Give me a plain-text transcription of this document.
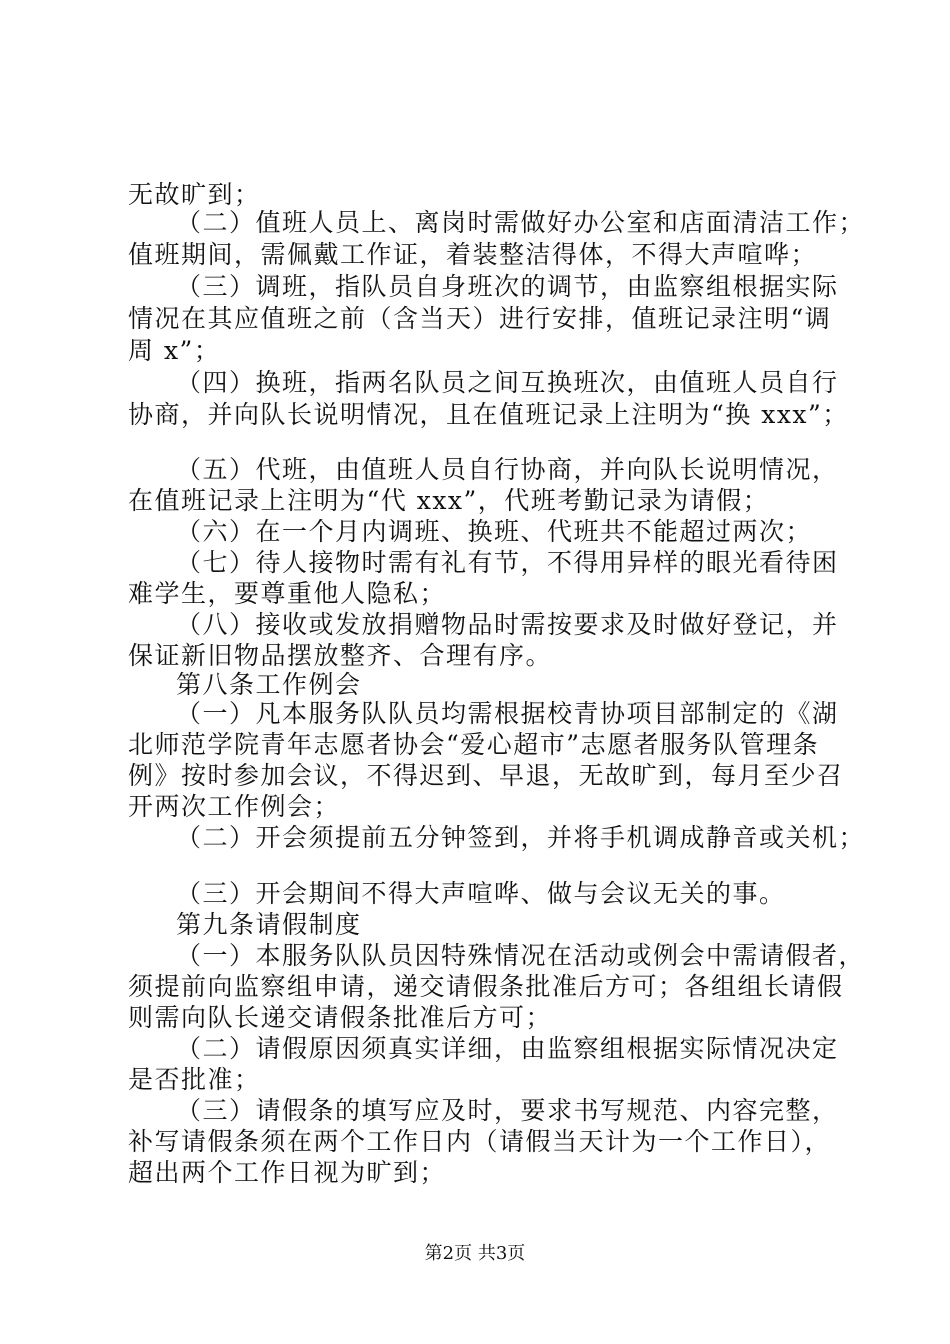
无故旷到；
（二）值班人员上、离岗时需做好办公室和店面清洁工作；
值班期间，需佩戴工作证，着装整洁得体，不得大声喧哗；
（三）调班，指队员自身班次的调节，由监察组根据实际
情况在其应值班之前（含当天）进行安排，值班记录注明“调
周 x”；
（四）换班，指两名队员之间互换班次，由值班人员自行
协商，并向队长说明情况，且在值班记录上注明为“换 xxx”；
（五）代班，由值班人员自行协商，并向队长说明情况，
在值班记录上注明为“代 xxx”，代班考勤记录为请假；
（六）在一个月内调班、换班、代班共不能超过两次；
（七）待人接物时需有礼有节，不得用异样的眼光看待困
难学生，要尊重他人隐私；
（八）接收或发放捐赠物品时需按要求及时做好登记，并
保证新旧物品摆放整齐、合理有序。
第八条工作例会
（一）凡本服务队队员均需根据校青协项目部制定的《湖
北师范学院青年志愿者协会“爱心超市”志愿者服务队管理条
例》按时参加会议，不得迟到、早退，无故旷到，每月至少召
开两次工作例会；
（二）开会须提前五分钟签到，并将手机调成静音或关机；
（三）开会期间不得大声喧哗、做与会议无关的事。
第九条请假制度
（一）本服务队队员因特殊情况在活动或例会中需请假者，
须提前向监察组申请，递交请假条批准后方可；各组组长请假
则需向队长递交请假条批准后方可；
（二）请假原因须真实详细，由监察组根据实际情况决定
是否批准；
（三）请假条的填写应及时，要求书写规范、内容完整，
补写请假条须在两个工作日内（请假当天计为一个工作日），
超出两个工作日视为旷到；
第2页 共3页
